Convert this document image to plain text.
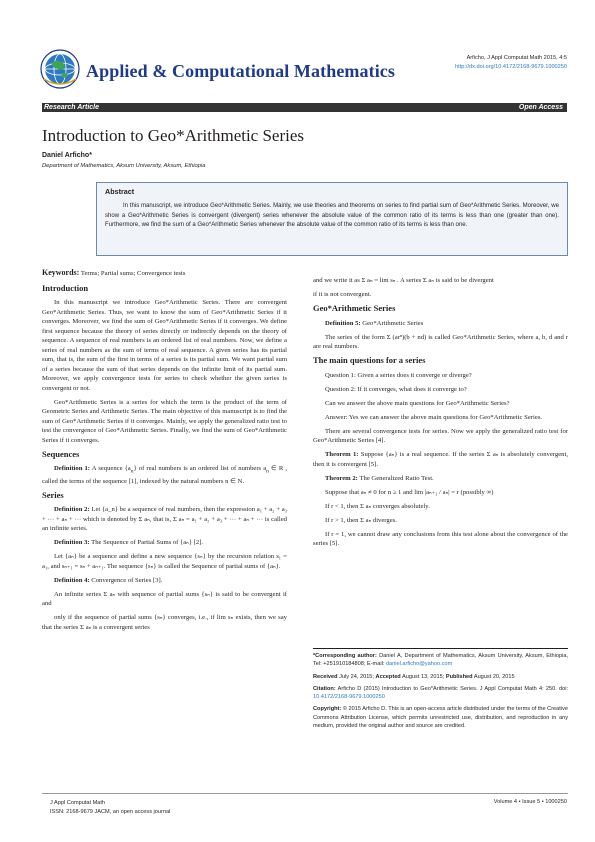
Applied & Computational Mathematics
Arficho, J Appl Computat Math 2015, 4:5
http://dx.doi.org/10.4172/2168-9679.1000250
Research Article	Open Access
Introduction to Geo*Arithmetic Series
Daniel Arficho*
Department of Mathematics, Aksum University, Aksum, Ethiopia
Abstract
In this manuscript, we introduce Geo*Arithmetic Series. Mainly, we use theories and theorems on series to find partial sum of Geo*Arithmetic Series. Moreover, we show a Geo*Arithmetic Series is convergent (divergent) series whenever the absolute value of the common ratio of its terms is less than one (greater than one). Furthermore, we find the sum of a Geo*Arithmetic Series whenever the absolute value of the common ratio of its terms is less than one.

Keywords: Terms; Partial sums; Convergence tests

Introduction

In this manuscript we introduce Geo*Arithmetic Series. There are convergent Geo*Arithmetic Series. Thus, we want to know the sum of Geo*Arithmetic Series if it converges. Moreover, we find the sum of Geo*Arithmetic Series if it converges. We define first sequence because the theory of series directly or indirectly depends on the theory of sequence. A sequence of real numbers is an ordered list of real numbers. Now, we define a series of real numbers as the sum of terms of real sequence. A given series has its partial sum, that is, the sum of the first in terms of a series is its partial sum. We want partial sum of a series because the sum of that series depends on the infinite limit of its partial sum. Moreover, we apply convergence tests for series to check whether the given series is convergent or not.

Geo*Arithmetic Series is a series for which the term is the product of the term of Geometric Series and Arithmetic Series. The main objective of this manuscript is to find the sum of Geo*Arithmetic Series if it converges. Mainly, we apply the generalized ratio test to test the convergence of Geo*Arithmetic Series. Finally, we find the sum of Geo*Arithmetic Series if it converges.

Sequences

Definition 1: A sequence $\{a_n\}$ of real numbers is an ordered list of numbers $a_n$ ∈ R , called the terms of the sequence [1], indexed by the natural numbers n ∈ N.

Series

Definition 2: Let {a_n} be a sequence of real numbers, then the expression a₁ + a₂ + a₃ + ··· + aₙ + ··· which is denoted by Σ aₙ, that is, Σ aₙ = a₁ + a₂ + a₃ + ··· + aₙ + ··· is called an infinite series.

Definition 3: The Sequence of Partial Sums of {aₙ} [2].

Let {aₙ} be a sequence and define a new sequence {sₙ} by the recursion relation s₁ = a₁, and sₙ₊₁ = sₙ + aₙ₊₁. The sequence {sₙ} is called the Sequence of partial sums of {aₙ}.

Definition 4: Convergence of Series [3].

An infinite series Σ aₙ with sequence of partial sums {sₙ} is said to be convergent if and

only if the sequence of partial sums {sₙ} converges, i.e., if lim sₙ exists, then we say that the series Σ aₙ is a convergent series

and we write it as Σ aₙ = lim sₙ . A series Σ aₙ is said to be divergent

if it is not convergent.

Geo*Arithmetic Series

Definition 5: Geo*Arithmetic Series

The series of the form Σ (arⁿ)(b + nd) is called Geo*Arithmetic Series, where a, b, d and r are real numbers.

The main questions for a series

Question 1: Given a series does it converge or diverge?

Question 2: If it converges, what does it converge to?

Can we answer the above main questions for Geo*Arithmetic Series?

Answer: Yes we can answer the above main questions for Geo*Arithmetic Series.

There are several convergence tests for series. Now we apply the generalized ratio test for Geo*Arithmetic Series [4].

Theorem 1: Suppose {aₙ} is a real sequence. If the series Σ aₙ is absolutely convergent, then it is convergent [5].

Theorem 2: The Generalized Ratio Test.

Suppose that aₙ ≠ 0 for n ≥ 1 and lim |aₙ₊₁ / aₙ| = r (possibly ∞)

If r < 1, then Σ aₙ converges absolutely.

If r > 1, then Σ aₙ diverges.

If r = 1, we cannot draw any conclusions from this test alone about the convergence of the series [5].

*Corresponding author: Daniel A, Department of Mathematics, Aksum University, Aksum, Ethiopia, Tel: +251910184808; E-mail: daniel.arficho@yahoo.com

Received July 24, 2015; Accepted August 13, 2015; Published August 20, 2015

Citation: Arficho D (2015) Introduction to Geo*Arithmetic Series. J Appl Computat Math 4: 250. doi: 10.4172/2168-9679.1000250

Copyright: © 2015 Arficho D. This is an open-access article distributed under the terms of the Creative Commons Attribution License, which permits unrestricted use, distribution, and reproduction in any medium, provided the original author and source are credited.

J Appl Computat Math
ISSN: 2168-9679 JACM, an open access journal
Volume 4 • Issue 5 • 1000250
